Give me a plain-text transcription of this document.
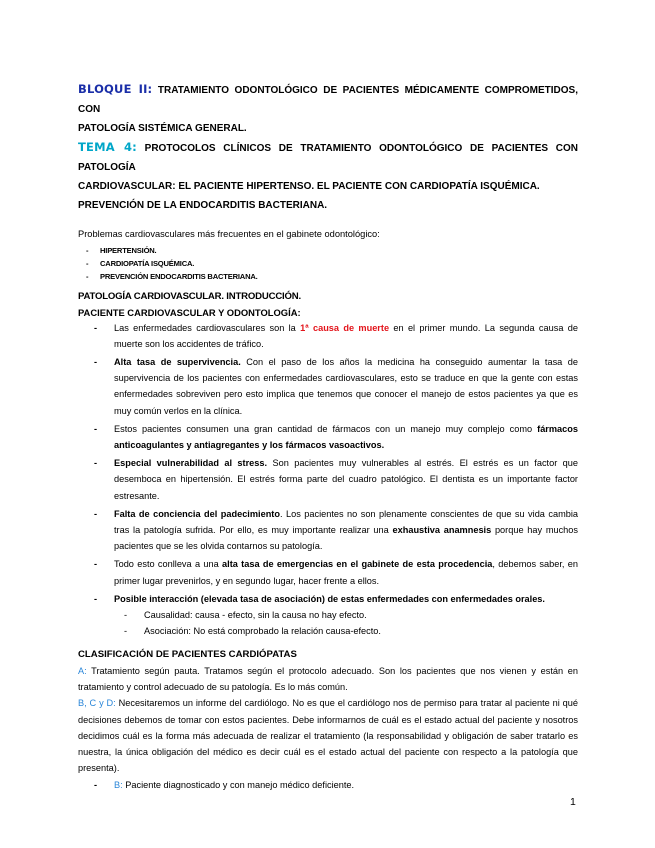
BLOQUE II: TRATAMIENTO ODONTOLÓGICO DE PACIENTES MÉDICAMENTE COMPROMETIDOS, CON
PATOLOGÍA SISTÉMICA GENERAL.
TEMA 4: PROTOCOLOS CLÍNICOS DE TRATAMIENTO ODONTOLÓGICO DE PACIENTES CON PATOLOGÍA
CARDIOVASCULAR: EL PACIENTE HIPERTENSO. EL PACIENTE CON CARDIOPATÍA ISQUÉMICA.
PREVENCIÓN DE LA ENDOCARDITIS BACTERIANA.

Problemas cardiovasculares más frecuentes en el gabinete odontológico:

- HIPERTENSIÓN.
- CARDIOPATÍA ISQUÉMICA.
- PREVENCIÓN ENDOCARDITIS BACTERIANA.
PATOLOGÍA CARDIOVASCULAR. INTRODUCCIÓN.
PACIENTE CARDIOVASCULAR Y ODONTOLOGÍA:
- Las enfermedades cardiovasculares son la 1ª causa de muerte en el primer mundo. La segunda causa de muerte son los accidentes de tráfico.
- Alta tasa de supervivencia. Con el paso de los años la medicina ha conseguido aumentar la tasa de supervivencia de los pacientes con enfermedades cardiovasculares, esto se traduce en que la gente con estas enfermedades sobreviven pero esto implica que tenemos que conocer el manejo de estos pacientes ya que es muy común verlos en la clínica.
- Estos pacientes consumen una gran cantidad de fármacos con un manejo muy complejo como fármacos anticoagulantes y antiagregantes y los fármacos vasoactivos.
- Especial vulnerabilidad al stress. Son pacientes muy vulnerables al estrés. El estrés es un factor que desemboca en hipertensión. El estrés forma parte del cuadro patológico. El dentista es un importante factor estresante.
- Falta de conciencia del padecimiento. Los pacientes no son plenamente conscientes de que su vida cambia tras la patología sufrida. Por ello, es muy importante realizar una exhaustiva anamnesis porque hay muchos pacientes que se les olvida contarnos su patología.
- Todo esto conlleva a una alta tasa de emergencias en el gabinete de esta procedencia, debemos saber, en primer lugar prevenirlos, y en segundo lugar, hacer frente a ellos.
- Posible interacción (elevada tasa de asociación) de estas enfermedades con enfermedades orales.
- Causalidad: causa - efecto, sin la causa no hay efecto.
- Asociación: No está comprobado la relación causa-efecto.
CLASIFICACIÓN DE PACIENTES CARDIÓPATAS

A: Tratamiento según pauta. Tratamos según el protocolo adecuado. Son los pacientes que nos vienen y están en tratamiento y control adecuado de su patología. Es lo más común.

B, C y D: Necesitaremos un informe del cardiólogo. No es que el cardiólogo nos de permiso para tratar al paciente ni qué decisiones debemos de tomar con estos pacientes. Debe informarnos de cuál es el estado actual del paciente y nosotros decidimos cuál es la forma más adecuada de realizar el tratamiento (la responsabilidad y obligación de saber tratarlo es nuestra, la única obligación del médico es decir cuál es el estado actual del paciente con respecto a la patología que presenta).

- B: Paciente diagnosticado y con manejo médico deficiente.
1
